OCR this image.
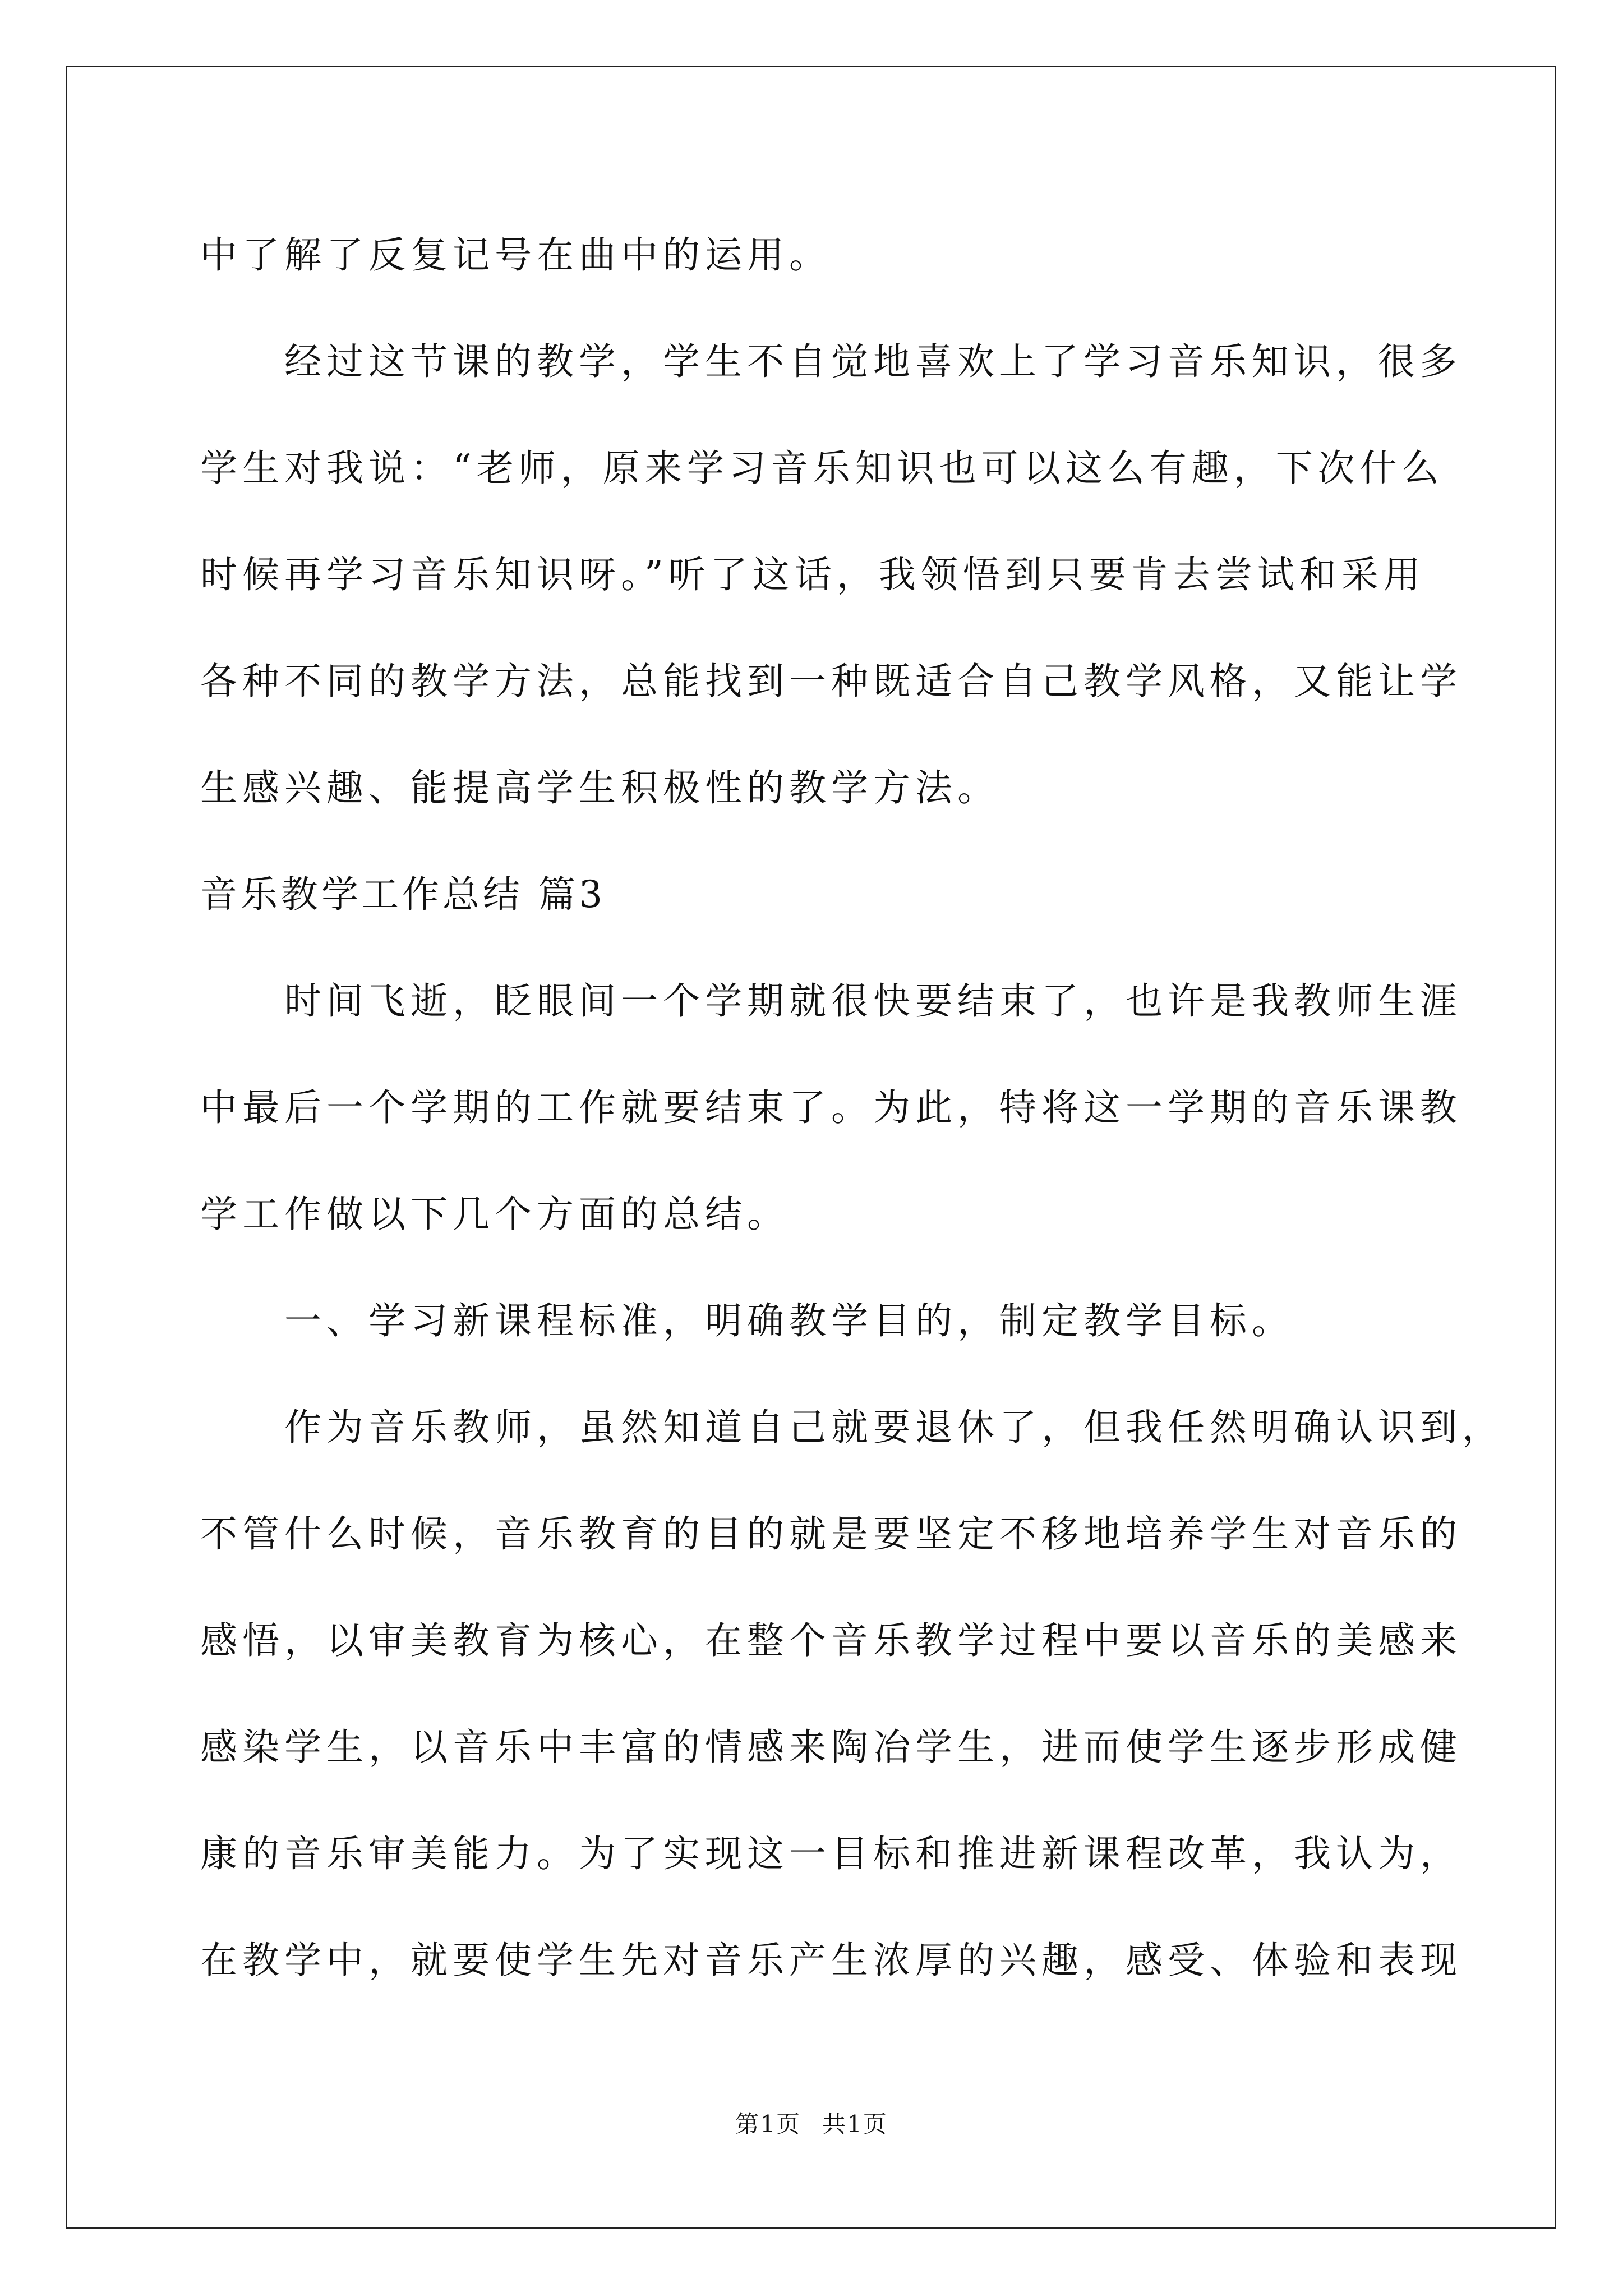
中了解了反复记号在曲中的运用。
经过这节课的教学，学生不自觉地喜欢上了学习音乐知识，很多
学生对我说：“老师，原来学习音乐知识也可以这么有趣，下次什么
时候再学习音乐知识呀。”听了这话，我领悟到只要肯去尝试和采用
各种不同的教学方法，总能找到一种既适合自己教学风格，又能让学
生感兴趣、能提高学生积极性的教学方法。
音乐教学工作总结 篇3
时间飞逝，眨眼间一个学期就很快要结束了，也许是我教师生涯
中最后一个学期的工作就要结束了。为此，特将这一学期的音乐课教
学工作做以下几个方面的总结。
一、学习新课程标准，明确教学目的，制定教学目标。
作为音乐教师，虽然知道自己就要退休了，但我任然明确认识到，
不管什么时候，音乐教育的目的就是要坚定不移地培养学生对音乐的
感悟，以审美教育为核心，在整个音乐教学过程中要以音乐的美感来
感染学生，以音乐中丰富的情感来陶冶学生，进而使学生逐步形成健
康的音乐审美能力。为了实现这一目标和推进新课程改革，我认为，
在教学中，就要使学生先对音乐产生浓厚的兴趣，感受、体验和表现
第1页 共1页
